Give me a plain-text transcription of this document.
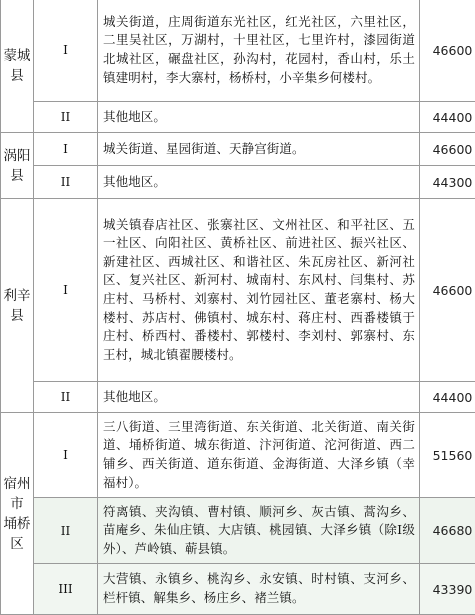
蒙城
县	I	城关街道，庄周街道东光社区，红光社区，六里社区，二里吴社区，万湖村，十里社区，七里许村，漆园街道北城社区，碾盘社区，孙沟村，花园村，香山村，乐土镇建明村，李大寨村，杨桥村，小辛集乡何楼村。	46600
	II	其他地区。	44400

涡阳
县	I	城关街道、星园街道、天静宫街道。	46600
	II	其他地区。	44300

利辛
县	I	城关镇春店社区、张寨社区、文州社区、和平社区、五一社区、向阳社区、黄桥社区、前进社区、振兴社区、新建社区、西城社区、和谐社区、朱瓦房社区、新河社区、复兴社区、新河村、城南村、东风村、闫集村、苏庄村、马桥村、刘寨村、刘竹园社区、董老寨村、杨大楼村、苏店村、佛镇村、城东村、蒋庄村、西番楼镇于庄村、桥西村、番楼村、郭楼村、李刘村、郭寨村、东王村，城北镇翟腰楼村。	46600
	II	其他地区。	44400

宿州
市
埇桥
区	I	三八街道、三里湾街道、东关街道、北关街道、南关街道、埇桥街道、城东街道、汴河街道、沱河街道、西二铺乡、西关街道、道东街道、金海街道、大泽乡镇（幸福村）。	51560
	II	符离镇、夹沟镇、曹村镇、顺河乡、灰古镇、蒿沟乡、苗庵乡、朱仙庄镇、大店镇、桃园镇、大泽乡镇（除I级外）、芦岭镇、蕲县镇。	46680
	III	大营镇、永镇乡、桃沟乡、永安镇、时村镇、支河乡、栏杆镇、解集乡、杨庄乡、褚兰镇。	43390
